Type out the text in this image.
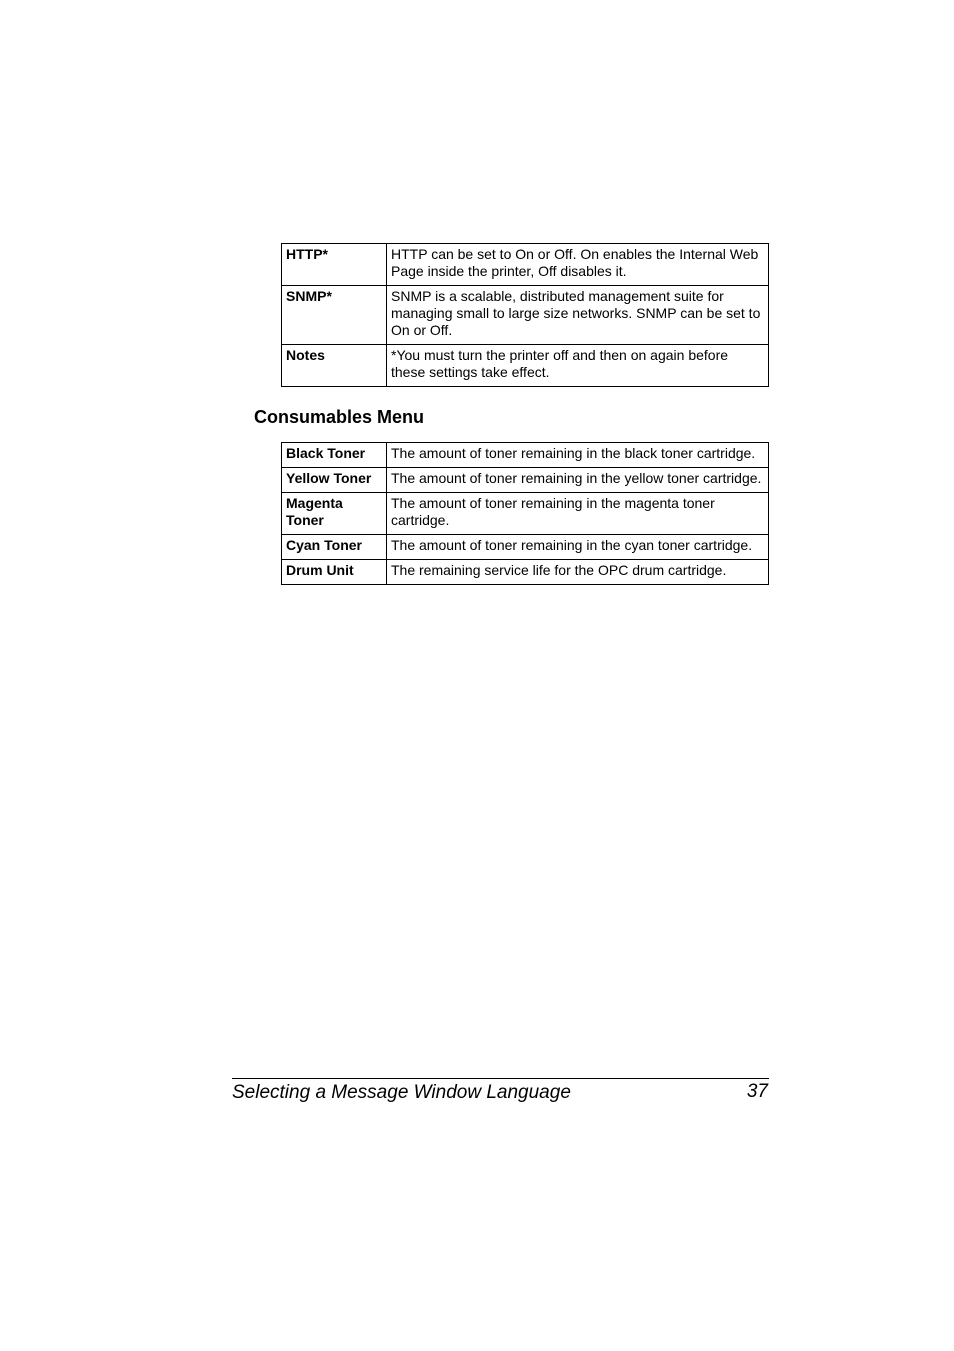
HTTP*	HTTP can be set to On or Off. On enables the Internal Web Page inside the printer, Off disables it.
SNMP*	SNMP is a scalable, distributed management suite for managing small to large size networks. SNMP can be set to On or Off.
Notes	*You must turn the printer off and then on again before these settings take effect.
Consumables Menu
Black Toner	The amount of toner remaining in the black toner cartridge.
Yellow Toner	The amount of toner remaining in the yellow toner cartridge.
Magenta Toner	The amount of toner remaining in the magenta toner cartridge.
Cyan Toner	The amount of toner remaining in the cyan toner cartridge.
Drum Unit	The remaining service life for the OPC drum cartridge.
Selecting a Message Window Language	37
